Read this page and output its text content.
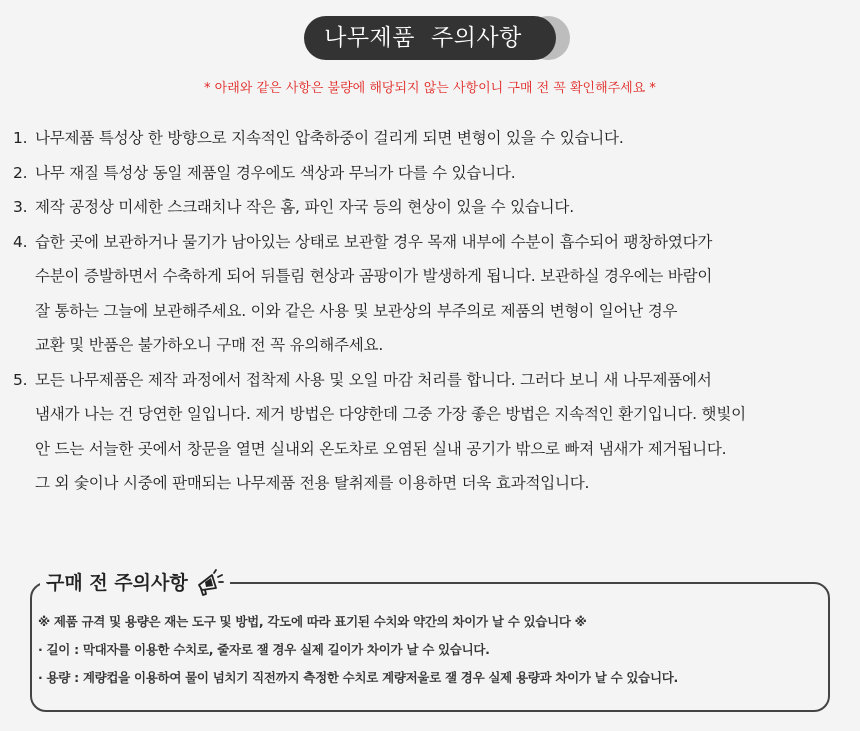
나무제품 주의사항
* 아래와 같은 사항은 불량에 해당되지 않는 사항이니 구매 전 꼭 확인해주세요 *
1. 나무제품 특성상 한 방향으로 지속적인 압축하중이 걸리게 되면 변형이 있을 수 있습니다.
2. 나무 재질 특성상 동일 제품일 경우에도 색상과 무늬가 다를 수 있습니다.
3. 제작 공정상 미세한 스크래치나 작은 홈, 파인 자국 등의 현상이 있을 수 있습니다.
4. 습한 곳에 보관하거나 물기가 남아있는 상태로 보관할 경우 목재 내부에 수분이 흡수되어 팽창하였다가
수분이 증발하면서 수축하게 되어 뒤틀림 현상과 곰팡이가 발생하게 됩니다. 보관하실 경우에는 바람이
잘 통하는 그늘에 보관해주세요. 이와 같은 사용 및 보관상의 부주의로 제품의 변형이 일어난 경우
교환 및 반품은 불가하오니 구매 전 꼭 유의해주세요.
5. 모든 나무제품은 제작 과정에서 접착제 사용 및 오일 마감 처리를 합니다. 그러다 보니 새 나무제품에서
냄새가 나는 건 당연한 일입니다. 제거 방법은 다양한데 그중 가장 좋은 방법은 지속적인 환기입니다. 햇빛이
안 드는 서늘한 곳에서 창문을 열면 실내외 온도차로 오염된 실내 공기가 밖으로 빠져 냄새가 제거됩니다.
그 외 숯이나 시중에 판매되는 나무제품 전용 탈취제를 이용하면 더욱 효과적입니다.
구매 전 주의사항
※ 제품 규격 및 용량은 재는 도구 및 방법, 각도에 따라 표기된 수치와 약간의 차이가 날 수 있습니다 ※
· 길이 : 막대자를 이용한 수치로, 줄자로 잴 경우 실제 길이가 차이가 날 수 있습니다.
· 용량 : 계량컵을 이용하여 물이 넘치기 직전까지 측정한 수치로 계량저울로 잴 경우 실제 용량과 차이가 날 수 있습니다.
